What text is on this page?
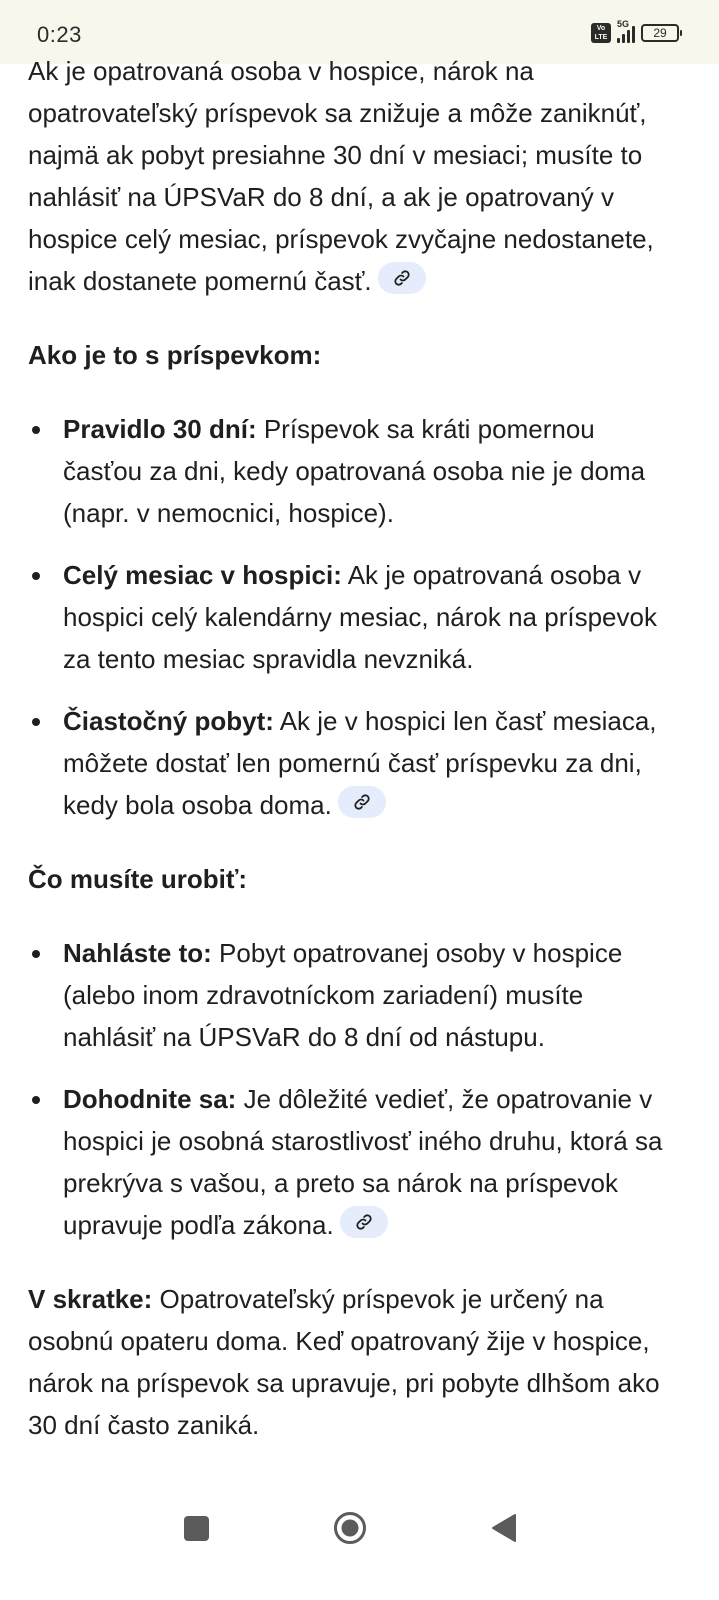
0:23	Vo LTE
5G
29

Ak je opatrovaná osoba v hospice, nárok na opatrovateľský príspevok sa znižuje a môže zaniknúť, najmä ak pobyt presiahne 30 dní v mesiaci; musíte to nahlásiť na ÚPSVaR do 8 dní, a ak je opatrovaný v hospice celý mesiac, príspevok zvyčajne nedostanete, inak dostanete pomernú časť.

Ako je to s príspevkom:

Pravidlo 30 dní: Príspevok sa kráti pomernou časťou za dni, kedy opatrovaná osoba nie je doma (napr. v nemocnici, hospice).
Celý mesiac v hospici: Ak je opatrovaná osoba v hospici celý kalendárny mesiac, nárok na príspevok za tento mesiac spravidla nevzniká.
Čiastočný pobyt: Ak je v hospici len časť mesiaca, môžete dostať len pomernú časť príspevku za dni, kedy bola osoba doma.

Čo musíte urobiť:

Nahláste to: Pobyt opatrovanej osoby v hospice (alebo inom zdravotníckom zariadení) musíte nahlásiť na ÚPSVaR do 8 dní od nástupu.
Dohodnite sa: Je dôležité vedieť, že opatrovanie v hospici je osobná starostlivosť iného druhu, ktorá sa prekrýva s vašou, a preto sa nárok na príspevok upravuje podľa zákona.

V skratke: Opatrovateľský príspevok je určený na osobnú opateru doma. Keď opatrovaný žije v hospice, nárok na príspevok sa upravuje, pri pobyte dlhšom ako 30 dní často zaniká.
